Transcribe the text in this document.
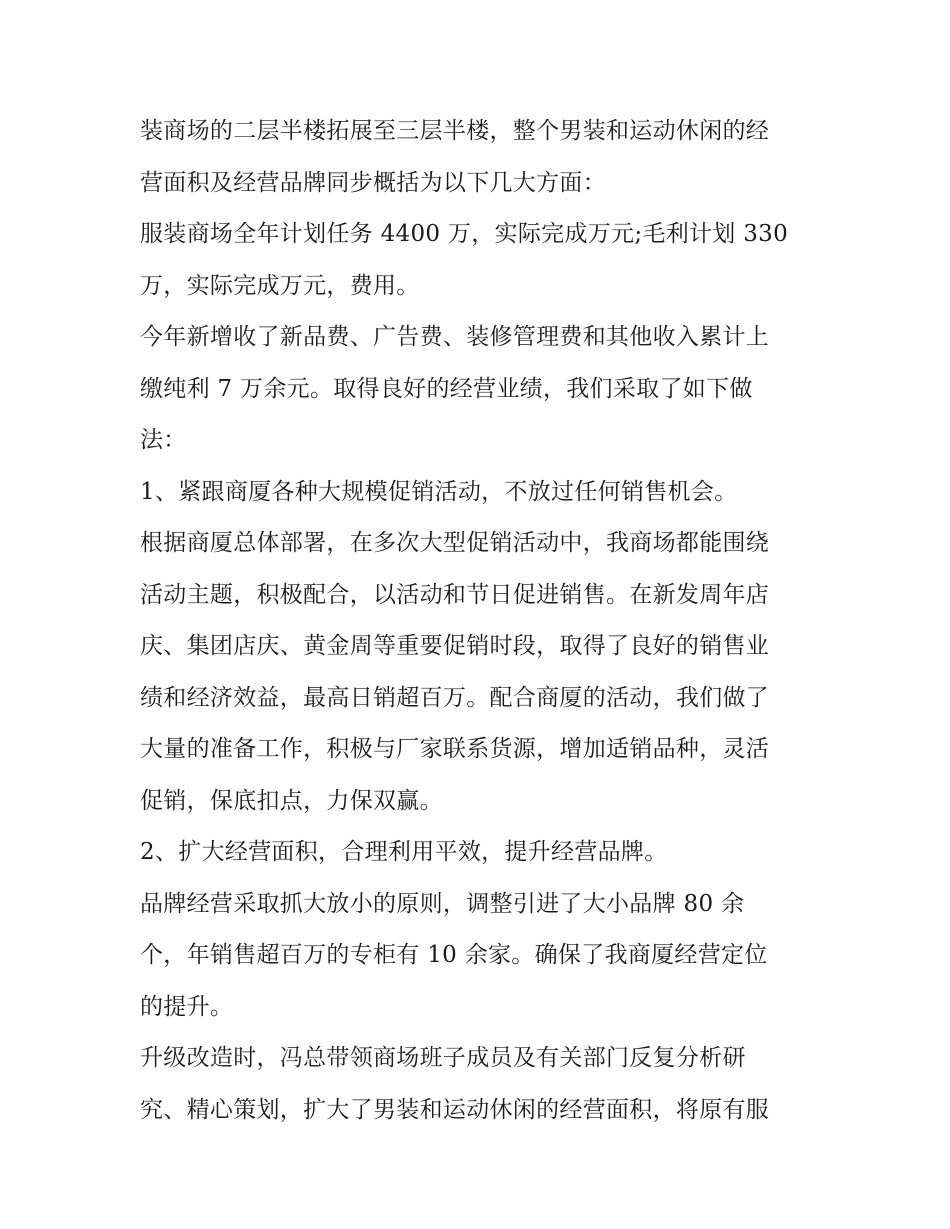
装商场的二层半楼拓展至三层半楼，整个男装和运动休闲的经
营面积及经营品牌同步概括为以下几大方面：
服装商场全年计划任务 4400 万，实际完成万元;毛利计划 330
万，实际完成万元，费用。
今年新增收了新品费、广告费、装修管理费和其他收入累计上
缴纯利 7 万余元。取得良好的经营业绩，我们采取了如下做
法：
1、紧跟商厦各种大规模促销活动，不放过任何销售机会。
根据商厦总体部署，在多次大型促销活动中，我商场都能围绕
活动主题，积极配合，以活动和节日促进销售。在新发周年店
庆、集团店庆、黄金周等重要促销时段，取得了良好的销售业
绩和经济效益，最高日销超百万。配合商厦的活动，我们做了
大量的准备工作，积极与厂家联系货源，增加适销品种，灵活
促销，保底扣点，力保双赢。
2、扩大经营面积，合理利用平效，提升经营品牌。
品牌经营采取抓大放小的原则，调整引进了大小品牌 80 余
个，年销售超百万的专柜有 10 余家。确保了我商厦经营定位
的提升。
升级改造时，冯总带领商场班子成员及有关部门反复分析研
究、精心策划，扩大了男装和运动休闲的经营面积，将原有服
